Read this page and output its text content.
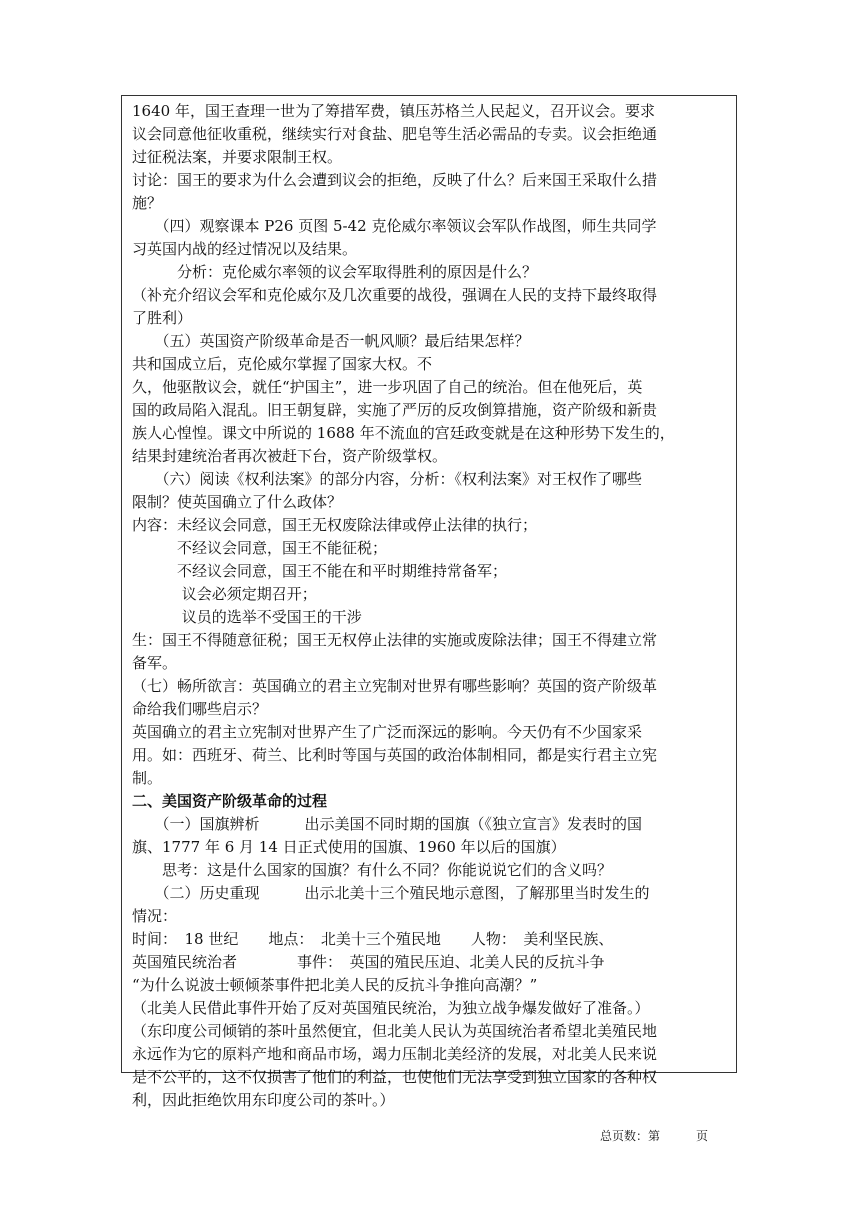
1640 年，国王查理一世为了筹措军费，镇压苏格兰人民起义，召开议会。要求

议会同意他征收重税，继续实行对食盐、肥皂等生活必需品的专卖。议会拒绝通

过征税法案，并要求限制王权。

讨论：国王的要求为什么会遭到议会的拒绝，反映了什么？后来国王采取什么措

施？

　　（四）观察课本 P26 页图 5-42 克伦威尔率领议会军队作战图，师生共同学

习英国内战的经过情况以及结果。

　　　分析：克伦威尔率领的议会军取得胜利的原因是什么？

（补充介绍议会军和克伦威尔及几次重要的战役，强调在人民的支持下最终取得

了胜利）

　　（五）英国资产阶级革命是否一帆风顺？最后结果怎样？

共和国成立后，克伦威尔掌握了国家大权。不

久，他驱散议会，就任“护国主”，进一步巩固了自己的统治。但在他死后，英

国的政局陷入混乱。旧王朝复辟，实施了严厉的反攻倒算措施，资产阶级和新贵

族人心惶惶。课文中所说的 1688 年不流血的宫廷政变就是在这种形势下发生的，

结果封建统治者再次被赶下台，资产阶级掌权。

　　（六）阅读《权利法案》的部分内容，分析：《权利法案》对王权作了哪些

限制？使英国确立了什么政体？

内容：未经议会同意，国王无权废除法律或停止法律的执行；

　　　不经议会同意，国王不能征税；

　　　不经议会同意，国王不能在和平时期维持常备军；

　　　 议会必须定期召开；

　　　 议员的选举不受国王的干涉

生：国王不得随意征税；国王无权停止法律的实施或废除法律；国王不得建立常

备军。

（七）畅所欲言：英国确立的君主立宪制对世界有哪些影响？英国的资产阶级革

命给我们哪些启示？

英国确立的君主立宪制对世界产生了广泛而深远的影响。今天仍有不少国家采

用。如：西班牙、荷兰、比利时等国与英国的政治体制相同，都是实行君主立宪

制。

二、美国资产阶级革命的过程

　　（一）国旗辨析　　　出示美国不同时期的国旗（《独立宣言》发表时的国

旗、1777 年 6 月 14 日正式使用的国旗、1960 年以后的国旗）

　　思考：这是什么国家的国旗？有什么不同？你能说说它们的含义吗？

　　（二）历史重现　　　出示北美十三个殖民地示意图，了解那里当时发生的

情况：

时间：　18 世纪　　地点：　北美十三个殖民地　　人物：　美利坚民族、

英国殖民统治者　　　　事件：　英国的殖民压迫、北美人民的反抗斗争

“为什么说波士顿倾茶事件把北美人民的反抗斗争推向高潮？”

（北美人民借此事件开始了反对英国殖民统治，为独立战争爆发做好了准备。）

（东印度公司倾销的茶叶虽然便宜，但北美人民认为英国统治者希望北美殖民地

永远作为它的原料产地和商品市场，竭力压制北美经济的发展，对北美人民来说

是不公平的，这不仅损害了他们的利益，也使他们无法享受到独立国家的各种权

利，因此拒绝饮用东印度公司的茶叶。）

总页数：第　　　页
